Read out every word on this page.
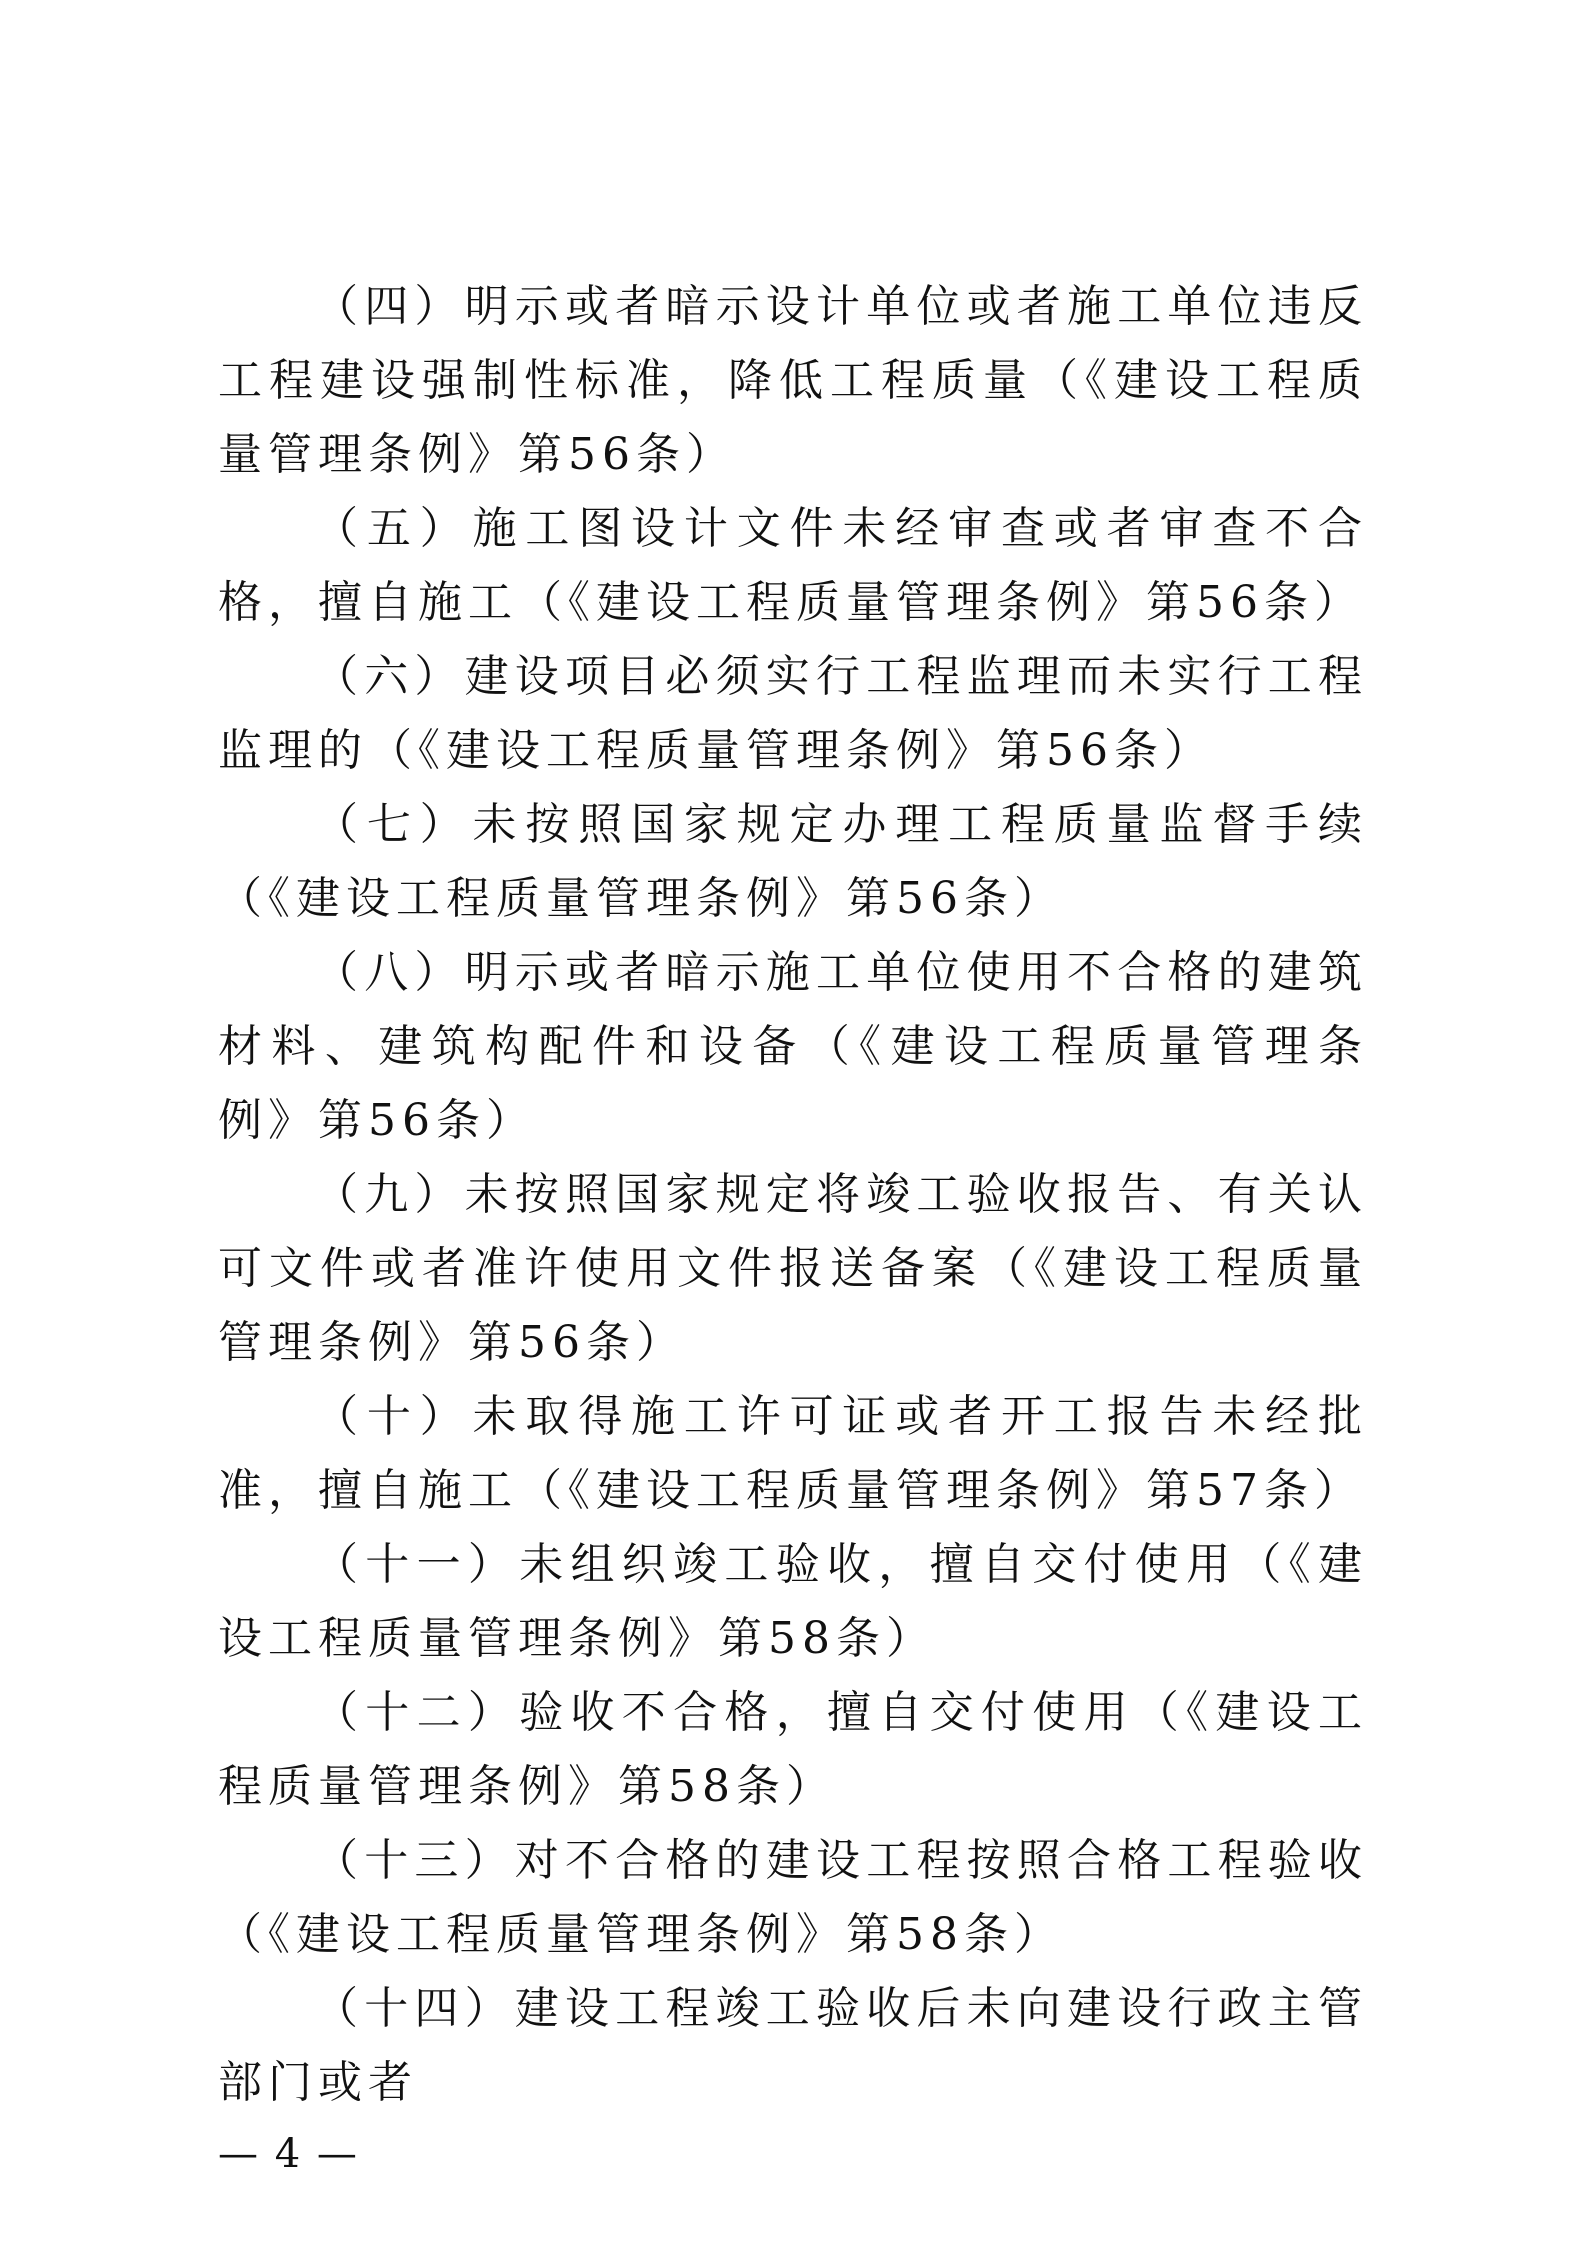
（四）明示或者暗示设计单位或者施工单位违反工程建设强制性标准，降低工程质量（《建设工程质量管理条例》第56条）

（五）施工图设计文件未经审查或者审查不合格，擅自施工（《建设工程质量管理条例》第56条）

（六）建设项目必须实行工程监理而未实行工程监理的（《建设工程质量管理条例》第56条）

（七）未按照国家规定办理工程质量监督手续（《建设工程质量管理条例》第56条）

（八）明示或者暗示施工单位使用不合格的建筑材料、建筑构配件和设备（《建设工程质量管理条例》第56条）

（九）未按照国家规定将竣工验收报告、有关认可文件或者准许使用文件报送备案（《建设工程质量管理条例》第56条）

（十）未取得施工许可证或者开工报告未经批准，擅自施工（《建设工程质量管理条例》第57条）

（十一）未组织竣工验收，擅自交付使用（《建设工程质量管理条例》第58条）

（十二）验收不合格，擅自交付使用（《建设工程质量管理条例》第58条）

（十三）对不合格的建设工程按照合格工程验收（《建设工程质量管理条例》第58条）

（十四）建设工程竣工验收后未向建设行政主管部门或者

— 4 —
